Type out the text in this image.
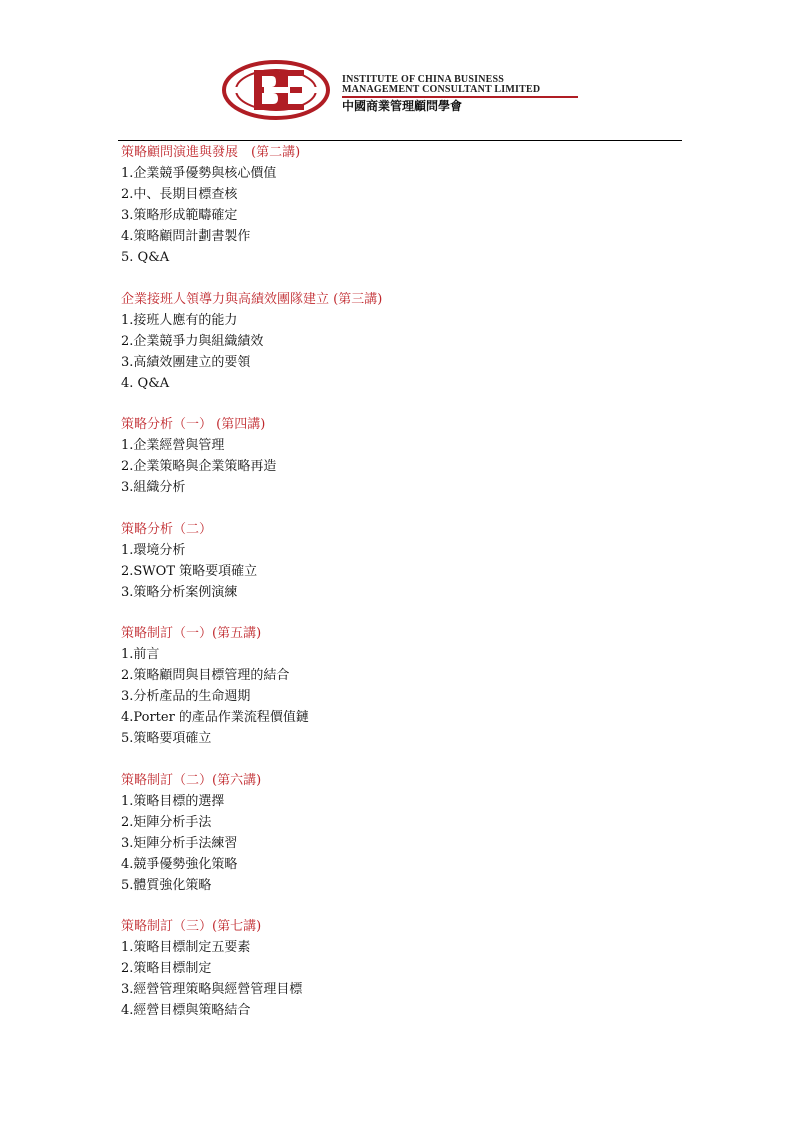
INSTITUTE OF CHINA BUSINESS
MANAGEMENT CONSULTANT LIMITED
中國商業管理顧問學會
策略顧問演進與發展　(第二講)
1.企業競爭優勢與核心價值
2.中、長期目標查核
3.策略形成範疇確定
4.策略顧問計劃書製作
5. Q&A
企業接班人領導力與高績效團隊建立 (第三講)
1.接班人應有的能力
2.企業競爭力與組織績效
3.高績效團建立的要領
4. Q&A
策略分析（一） (第四講)
1.企業經營與管理
2.企業策略與企業策略再造
3.組織分析
策略分析（二）
1.環境分析
2.SWOT 策略要項確立
3.策略分析案例演練
策略制訂（一）(第五講)
1.前言
2.策略顧問與目標管理的結合
3.分析產品的生命週期
4.Porter 的產品作業流程價值鏈
5.策略要項確立
策略制訂（二）(第六講)
1.策略目標的選擇
2.矩陣分析手法
3.矩陣分析手法練習
4.競爭優勢強化策略
5.體質強化策略
策略制訂（三）(第七講)
1.策略目標制定五要素
2.策略目標制定
3.經營管理策略與經營管理目標
4.經營目標與策略結合
